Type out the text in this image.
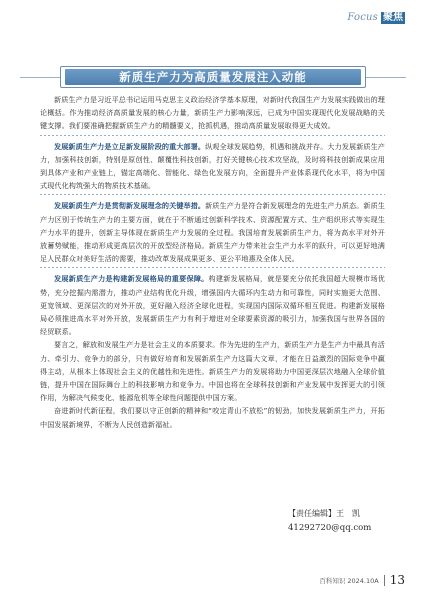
Focus 聚焦
新质生产力为高质量发展注入动能

新质生产力是习近平总书记运用马克思主义政治经济学基本原理，对新时代我国生产力发展实践做出的理论概括。作为推动经济高质量发展的核心力量，新质生产力影响深远，已成为中国实现现代化发展战略的关键支撑。我们要准确把握新质生产力的精髓要义，抢抓机遇，推动高质量发展取得更大成效。

发展新质生产力是立足新发展阶段的重大部署。纵观全球发展趋势，机遇和挑战并存。大力发展新质生产力，加强科技创新，特别是原创性、颠覆性科技创新，打好关键核心技术攻坚战，及时将科技创新成果应用到具体产业和产业链上，锚定高端化、智能化、绿色化发展方向，全面提升产业体系现代化水平，将为中国式现代化构筑强大的物质技术基础。

发展新质生产力是贯彻新发展理念的关键举措。新质生产力是符合新发展理念的先进生产力质态。新质生产力区别于传统生产力的主要方面，就在于不断通过创新科学技术、资源配置方式、生产组织形式等实现生产力水平的提升，创新主导体现在新质生产力发展的全过程。我国培育发展新质生产力，将为高水平对外开放蓄势赋能，推动形成更高层次的开放型经济格局。新质生产力带来社会生产力水平的跃升，可以更好地满足人民群众对美好生活的需要，推动改革发展成果更多、更公平地惠及全体人民。

发展新质生产力是构建新发展格局的重要保障。构建新发展格局，就是要充分依托我国超大规模市场优势，充分挖掘内需潜力，推动产业结构优化升级，增强国内大循环内生动力和可靠性，同时实施更大范围、更宽领域、更深层次的对外开放，更好融入经济全球化进程，实现国内国际双循环相互促进。构建新发展格局必须推进高水平对外开放，发展新质生产力有利于增进对全球要素资源的吸引力，加强我国与世界各国的经贸联系。

要言之，解放和发展生产力是社会主义的本质要求。作为先进的生产力，新质生产力是生产力中最具有活力、牵引力、竞争力的部分，只有做好培育和发展新质生产力这篇大文章，才能在日益激烈的国际竞争中赢得主动，从根本上体现社会主义的优越性和先进性。新质生产力的发展将助力中国更深层次地融入全球价值链，提升中国在国际舞台上的科技影响力和竞争力。中国也将在全球科技创新和产业发展中发挥更大的引领作用，为解决气候变化、能源危机等全球性问题提供中国方案。

奋进新时代新征程，我们要以守正创新的精神和“咬定青山不放松”的韧劲，加快发展新质生产力，开拓中国发展新境界，不断为人民创造新福祉。

【责任编辑】王　凯
41292720@qq.com
百科知识 2024.10A 13
